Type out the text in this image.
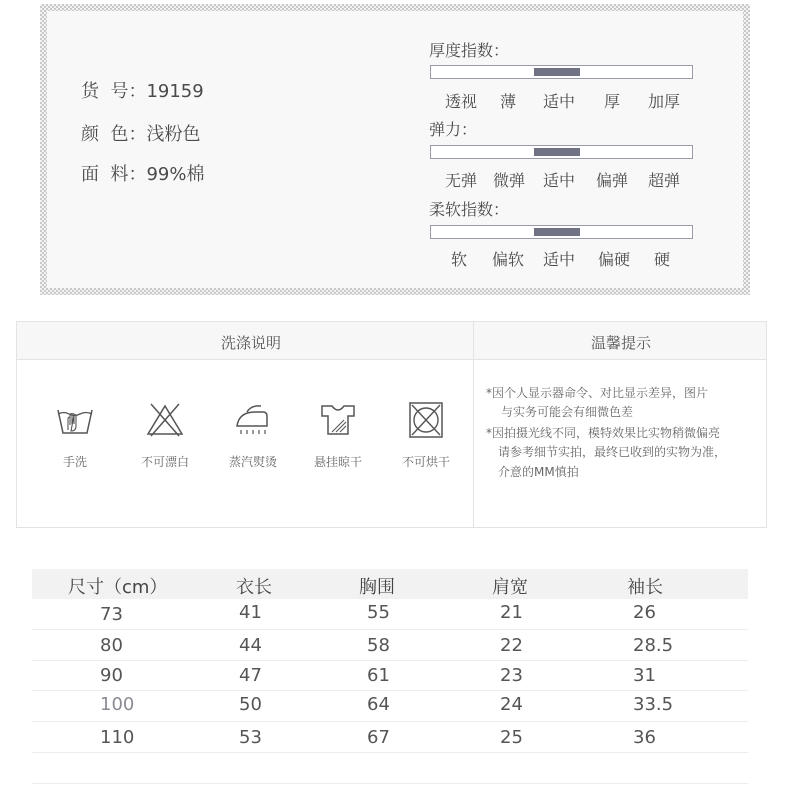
货  号：19159
颜  色：浅粉色
面  料：99%棉
厚度指数：
透视 薄 适中 厚 加厚
弹力：
无弹 微弹 适中 偏弹 超弹
柔软指数：
软 偏软 适中 偏硬 硬
洗涤说明	温馨提示
手洗	不可漂白	蒸汽熨烫	悬挂晾干	不可烘干
*因个人显示器命令、对比显示差异，图片
与实务可能会有细微色差
*因拍摄光线不同，模特效果比实物稍微偏亮
请参考细节实拍，最终已收到的实物为准，
介意的MM慎拍
尺寸（cm）	衣长	胸围	肩宽	袖长
73	41	55	21	26
80	44	58	22	28.5
90	47	61	23	31
100	50	64	24	33.5
110	53	67	25	36
